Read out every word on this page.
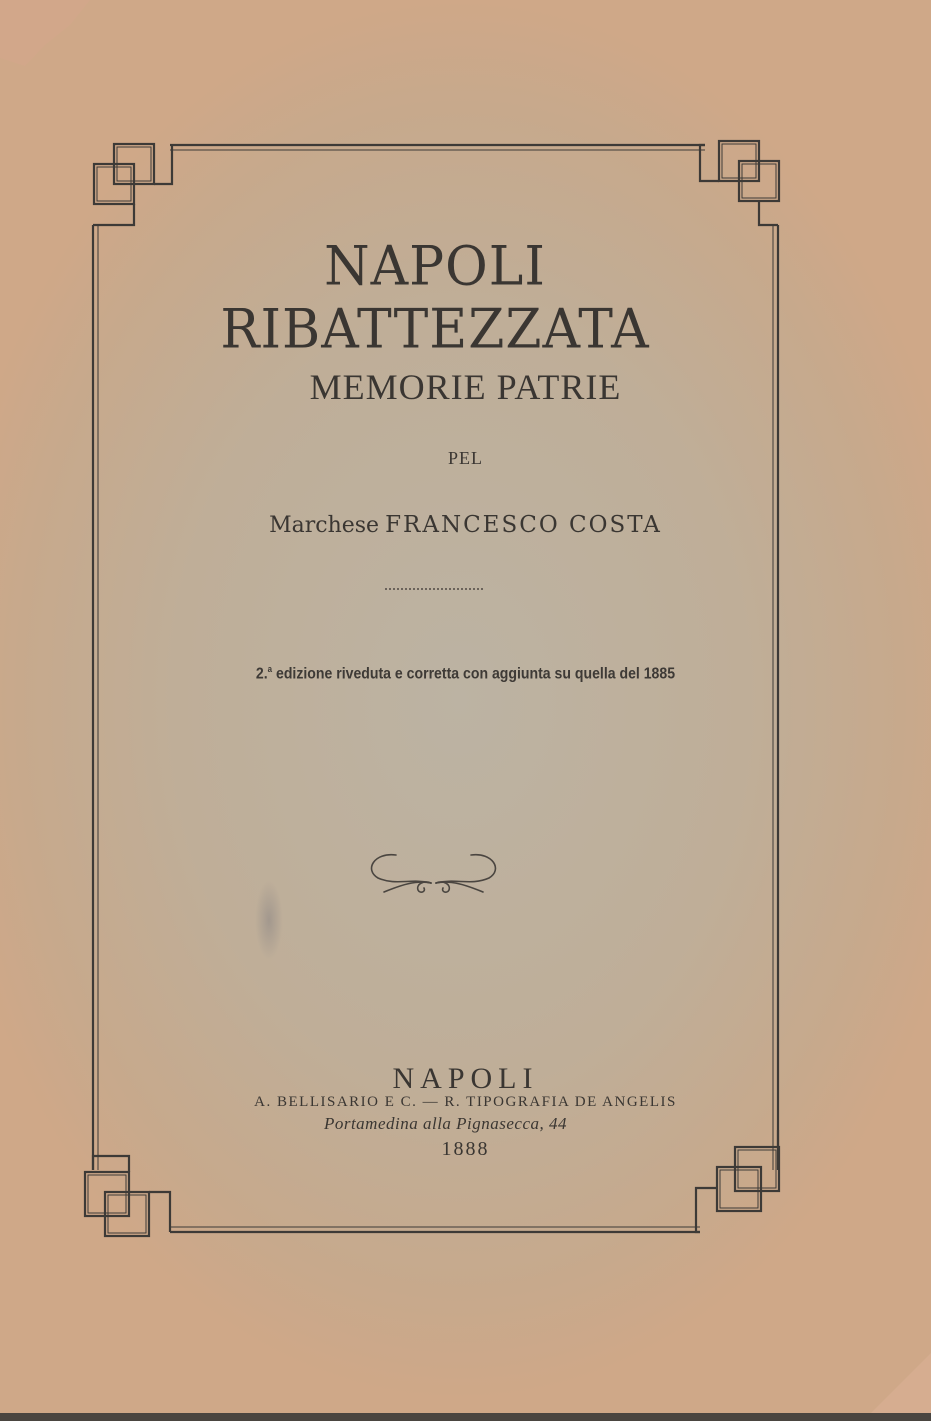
NAPOLI RIBATTEZZATA
MEMORIE PATRIE
PEL
Marchese FRANCESCO COSTA
2.$^a$ edizione riveduta e corretta con aggiunta su quella del 1885
NAPOLI
A. BELLISARIO E C. — R. TIPOGRAFIA DE ANGELIS
Portamedina alla Pignasecca, 44
1888
